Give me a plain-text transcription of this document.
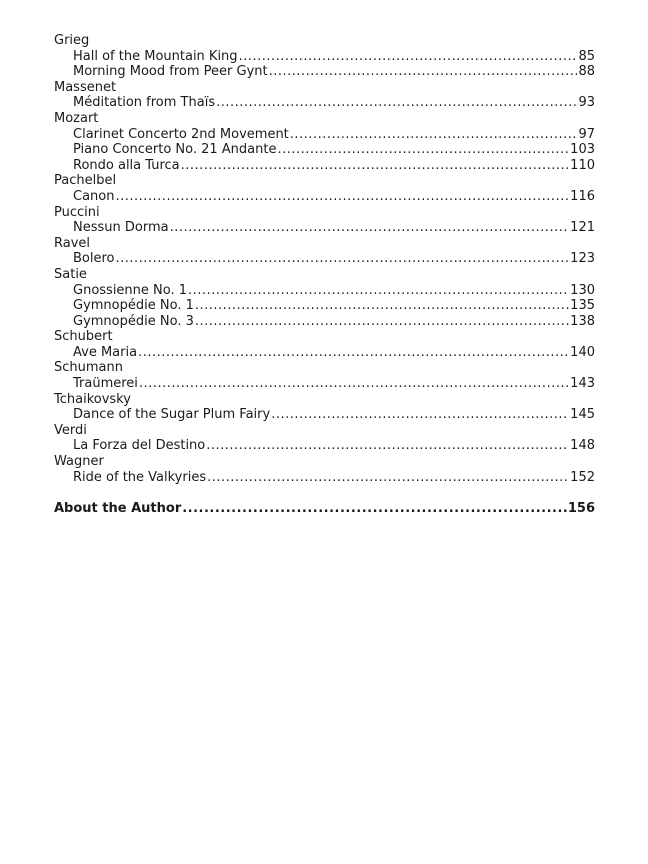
Grieg
Hall of the Mountain King .....	85
Morning Mood from Peer Gynt .....	88
Massenet
Méditation from Thaïs .....	93
Mozart
Clarinet Concerto 2nd Movement .....	97
Piano Concerto No. 21 Andante .....	103
Rondo alla Turca .....	110
Pachelbel
Canon .....	116
Puccini
Nessun Dorma .....	121
Ravel
Bolero .....	123
Satie
Gnossienne No. 1 .....	130
Gymnopédie No. 1 .....	135
Gymnopédie No. 3 .....	138
Schubert
Ave Maria .....	140
Schumann
Traümerei .....	143
Tchaikovsky
Dance of the Sugar Plum Fairy .....	145
Verdi
La Forza del Destino .....	148
Wagner
Ride of the Valkyries .....	152
About the Author .....	156
